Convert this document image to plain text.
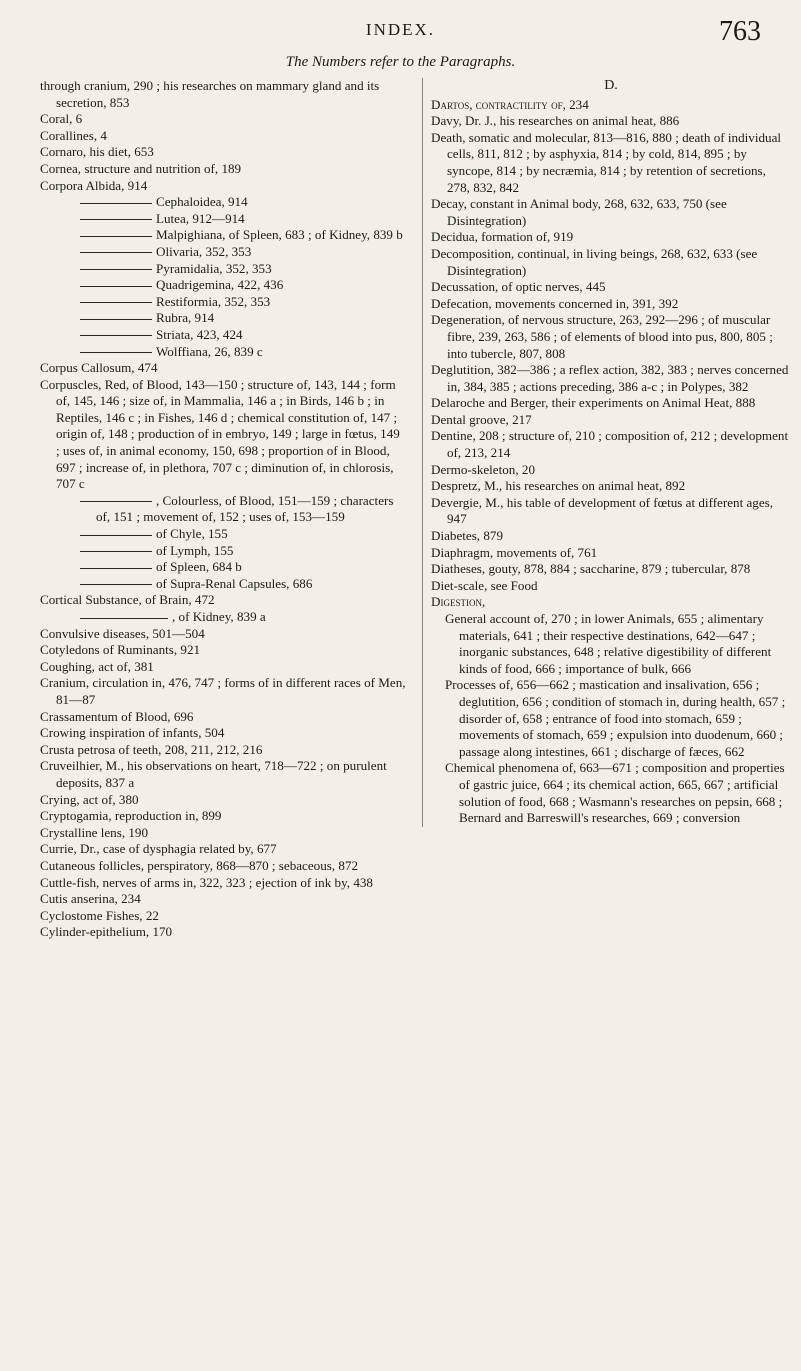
INDEX.	763
The Numbers refer to the Paragraphs.

through cranium, 290 ; his researches on mammary gland and its secretion, 853

Coral, 6

Corallines, 4

Cornaro, his diet, 653

Cornea, structure and nutrition of, 189

Corpora Albida, 914

Cephaloidea, 914

Lutea, 912—914

Malpighiana, of Spleen, 683 ; of Kidney, 839 b

Olivaria, 352, 353

Pyramidalia, 352, 353

Quadrigemina, 422, 436

Restiformia, 352, 353

Rubra, 914

Striata, 423, 424

Wolffiana, 26, 839 c

Corpus Callosum, 474

Corpuscles, Red, of Blood, 143—150 ; structure of, 143, 144 ; form of, 145, 146 ; size of, in Mammalia, 146 a ; in Birds, 146 b ; in Reptiles, 146 c ; in Fishes, 146 d ; chemical constitution of, 147 ; origin of, 148 ; production of in embryo, 149 ; large in fœtus, 149 ; uses of, in animal economy, 150, 698 ; proportion of in Blood, 697 ; increase of, in plethora, 707 c ; diminution of, in chlorosis, 707 c

, Colourless, of Blood, 151—159 ; characters of, 151 ; movement of, 152 ; uses of, 153—159

of Chyle, 155

of Lymph, 155

of Spleen, 684 b

of Supra-Renal Capsules, 686

Cortical Substance, of Brain, 472

, of Kidney, 839 a

Convulsive diseases, 501—504

Cotyledons of Ruminants, 921

Coughing, act of, 381

Cranium, circulation in, 476, 747 ; forms of in different races of Men, 81—87

Crassamentum of Blood, 696

Crowing inspiration of infants, 504

Crusta petrosa of teeth, 208, 211, 212, 216

Cruveilhier, M., his observations on heart, 718—722 ; on purulent deposits, 837 a

Crying, act of, 380

Cryptogamia, reproduction in, 899

Crystalline lens, 190

Currie, Dr., case of dysphagia related by, 677

Cutaneous follicles, perspiratory, 868—870 ; sebaceous, 872

Cuttle-fish, nerves of arms in, 322, 323 ; ejection of ink by, 438

Cutis anserina, 234

Cyclostome Fishes, 22

Cylinder-epithelium, 170

D.

Dartos, contractility of, 234

Davy, Dr. J., his researches on animal heat, 886

Death, somatic and molecular, 813—816, 880 ; death of individual cells, 811, 812 ; by asphyxia, 814 ; by cold, 814, 895 ; by syncope, 814 ; by necræmia, 814 ; by retention of secretions, 278, 832, 842

Decay, constant in Animal body, 268, 632, 633, 750 (see Disintegration)

Decidua, formation of, 919

Decomposition, continual, in living beings, 268, 632, 633 (see Disintegration)

Decussation, of optic nerves, 445

Defecation, movements concerned in, 391, 392

Degeneration, of nervous structure, 263, 292—296 ; of muscular fibre, 239, 263, 586 ; of elements of blood into pus, 800, 805 ; into tubercle, 807, 808

Deglutition, 382—386 ; a reflex action, 382, 383 ; nerves concerned in, 384, 385 ; actions preceding, 386 a-c ; in Polypes, 382

Delaroche and Berger, their experiments on Animal Heat, 888

Dental groove, 217

Dentine, 208 ; structure of, 210 ; composition of, 212 ; development of, 213, 214

Dermo-skeleton, 20

Despretz, M., his researches on animal heat, 892

Devergie, M., his table of development of fœtus at different ages, 947

Diabetes, 879

Diaphragm, movements of, 761

Diatheses, gouty, 878, 884 ; saccharine, 879 ; tubercular, 878

Diet-scale, see Food

Digestion,

General account of, 270 ; in lower Animals, 655 ; alimentary materials, 641 ; their respective destinations, 642—647 ; inorganic substances, 648 ; relative digestibility of different kinds of food, 666 ; importance of bulk, 666

Processes of, 656—662 ; mastication and insalivation, 656 ; deglutition, 656 ; condition of stomach in, during health, 657 ; disorder of, 658 ; entrance of food into stomach, 659 ; movements of stomach, 659 ; expulsion into duodenum, 660 ; passage along intestines, 661 ; discharge of fæces, 662

Chemical phenomena of, 663—671 ; composition and properties of gastric juice, 664 ; its chemical action, 665, 667 ; artificial solution of food, 668 ; Wasmann's researches on pepsin, 668 ; Bernard and Barreswill's researches, 669 ; conversion
